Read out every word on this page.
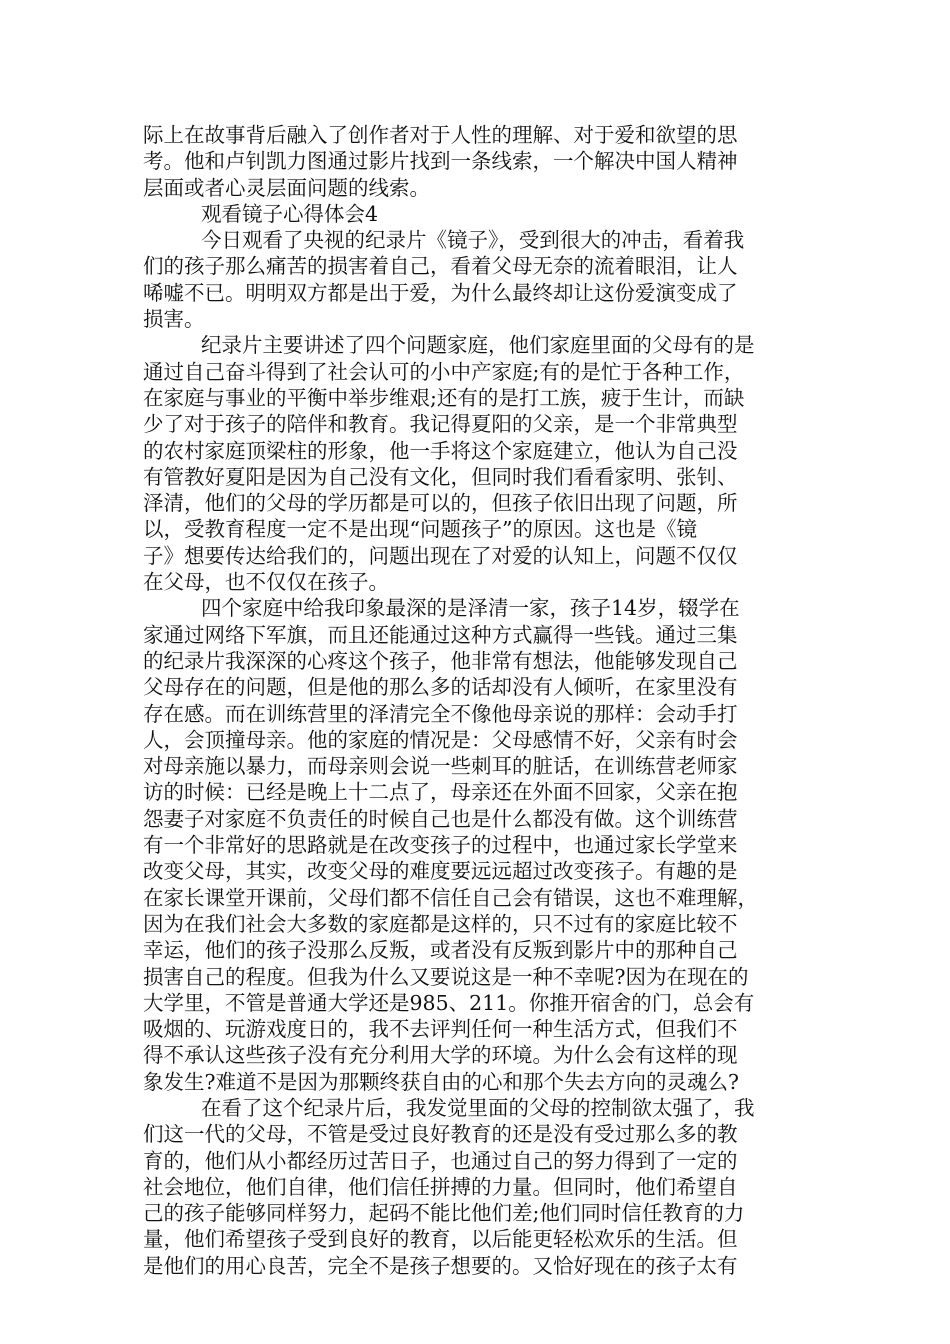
际上在故事背后融入了创作者对于人性的理解、对于爱和欲望的思
考。他和卢钊凯力图通过影片找到一条线索，一个解决中国人精神
层面或者心灵层面问题的线索。
观看镜子心得体会4
今日观看了央视的纪录片《镜子》，受到很大的冲击，看着我
们的孩子那么痛苦的损害着自己，看着父母无奈的流着眼泪，让人
唏嘘不已。明明双方都是出于爱，为什么最终却让这份爱演变成了
损害。
纪录片主要讲述了四个问题家庭，他们家庭里面的父母有的是
通过自己奋斗得到了社会认可的小中产家庭;有的是忙于各种工作，
在家庭与事业的平衡中举步维艰;还有的是打工族，疲于生计，而缺
少了对于孩子的陪伴和教育。我记得夏阳的父亲，是一个非常典型
的农村家庭顶梁柱的形象，他一手将这个家庭建立，他认为自己没
有管教好夏阳是因为自己没有文化，但同时我们看看家明、张钊、
泽清，他们的父母的学历都是可以的，但孩子依旧出现了问题，所
以，受教育程度一定不是出现“问题孩子”的原因。这也是《镜
子》想要传达给我们的，问题出现在了对爱的认知上，问题不仅仅
在父母，也不仅仅在孩子。
四个家庭中给我印象最深的是泽清一家，孩子14岁，辍学在
家通过网络下军旗，而且还能通过这种方式赢得一些钱。通过三集
的纪录片我深深的心疼这个孩子，他非常有想法，他能够发现自己
父母存在的问题，但是他的那么多的话却没有人倾听，在家里没有
存在感。而在训练营里的泽清完全不像他母亲说的那样：会动手打
人，会顶撞母亲。他的家庭的情况是：父母感情不好，父亲有时会
对母亲施以暴力，而母亲则会说一些刺耳的脏话，在训练营老师家
访的时候：已经是晚上十二点了，母亲还在外面不回家，父亲在抱
怨妻子对家庭不负责任的时候自己也是什么都没有做。这个训练营
有一个非常好的思路就是在改变孩子的过程中，也通过家长学堂来
改变父母，其实，改变父母的难度要远远超过改变孩子。有趣的是
在家长课堂开课前，父母们都不信任自己会有错误，这也不难理解，
因为在我们社会大多数的家庭都是这样的，只不过有的家庭比较不
幸运，他们的孩子没那么反叛，或者没有反叛到影片中的那种自己
损害自己的程度。但我为什么又要说这是一种不幸呢?因为在现在的
大学里，不管是普通大学还是985、211。你推开宿舍的门，总会有
吸烟的、玩游戏度日的，我不去评判任何一种生活方式，但我们不
得不承认这些孩子没有充分利用大学的环境。为什么会有这样的现
象发生?难道不是因为那颗终获自由的心和那个失去方向的灵魂么?
在看了这个纪录片后，我发觉里面的父母的控制欲太强了，我
们这一代的父母，不管是受过良好教育的还是没有受过那么多的教
育的，他们从小都经历过苦日子，也通过自己的努力得到了一定的
社会地位，他们自律，他们信任拼搏的力量。但同时，他们希望自
己的孩子能够同样努力，起码不能比他们差;他们同时信任教育的力
量，他们希望孩子受到良好的教育，以后能更轻松欢乐的生活。但
是他们的用心良苦，完全不是孩子想要的。又恰好现在的孩子太有
